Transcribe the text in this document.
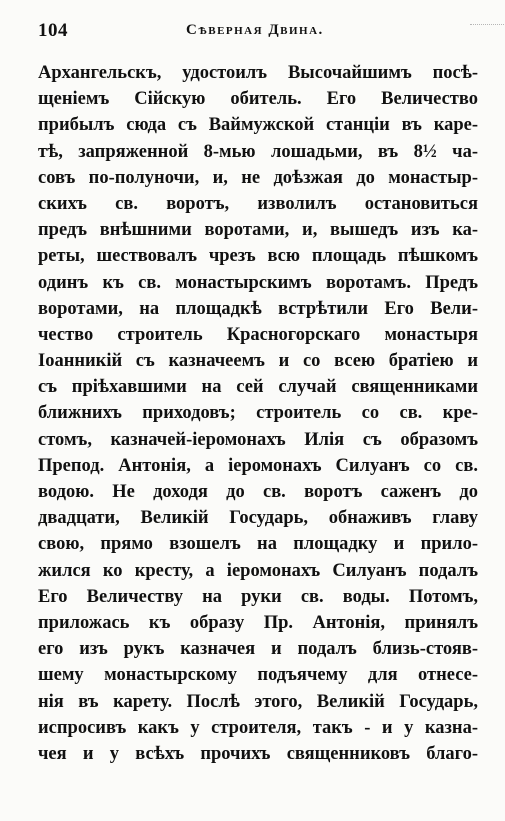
104	Сѣверная Двина.
Архангельскъ, удостоилъ Высочайшимъ посѣ-
щеніемъ Сійскую обитель. Его Величество
прибылъ сюда съ Ваймужской станціи въ каре-
тѣ, запряженной 8-мью лошадьми, въ 8½ ча-
совъ по-полуночи, и, не доѣзжая до монастыр-
скихъ св. воротъ, изволилъ остановиться
предъ внѣшними воротами, и, вышедъ изъ ка-
реты, шествовалъ чрезъ всю площадь пѣшкомъ
одинъ къ св. монастырскимъ воротамъ. Предъ
воротами, на площадкѣ встрѣтили Его Вели-
чество строитель Красногорскаго монастыря
Іоанникій съ казначеемъ и со всею братіею и
съ пріѣхавшими на сей случай священниками
ближнихъ приходовъ; строитель со св. кре-
стомъ, казначей-іеромонахъ Илія съ образомъ
Препод. Антонія, а іеромонахъ Силуанъ со св.
водою. Не доходя до св. воротъ саженъ до
двадцати, Великій Государь, обнаживъ главу
свою, прямо взошелъ на площадку и прило-
жился ко кресту, а іеромонахъ Силуанъ подалъ
Его Величеству на руки св. воды. Потомъ,
приложась къ образу Пр. Антонія, принялъ
его изъ рукъ казначея и подалъ близь-стояв-
шему монастырскому подъячему для отнесе-
нія въ карету. Послѣ этого, Великій Государь,
испросивъ какъ у строителя, такъ - и у казна-
чея и у всѣхъ прочихъ священниковъ благо-
